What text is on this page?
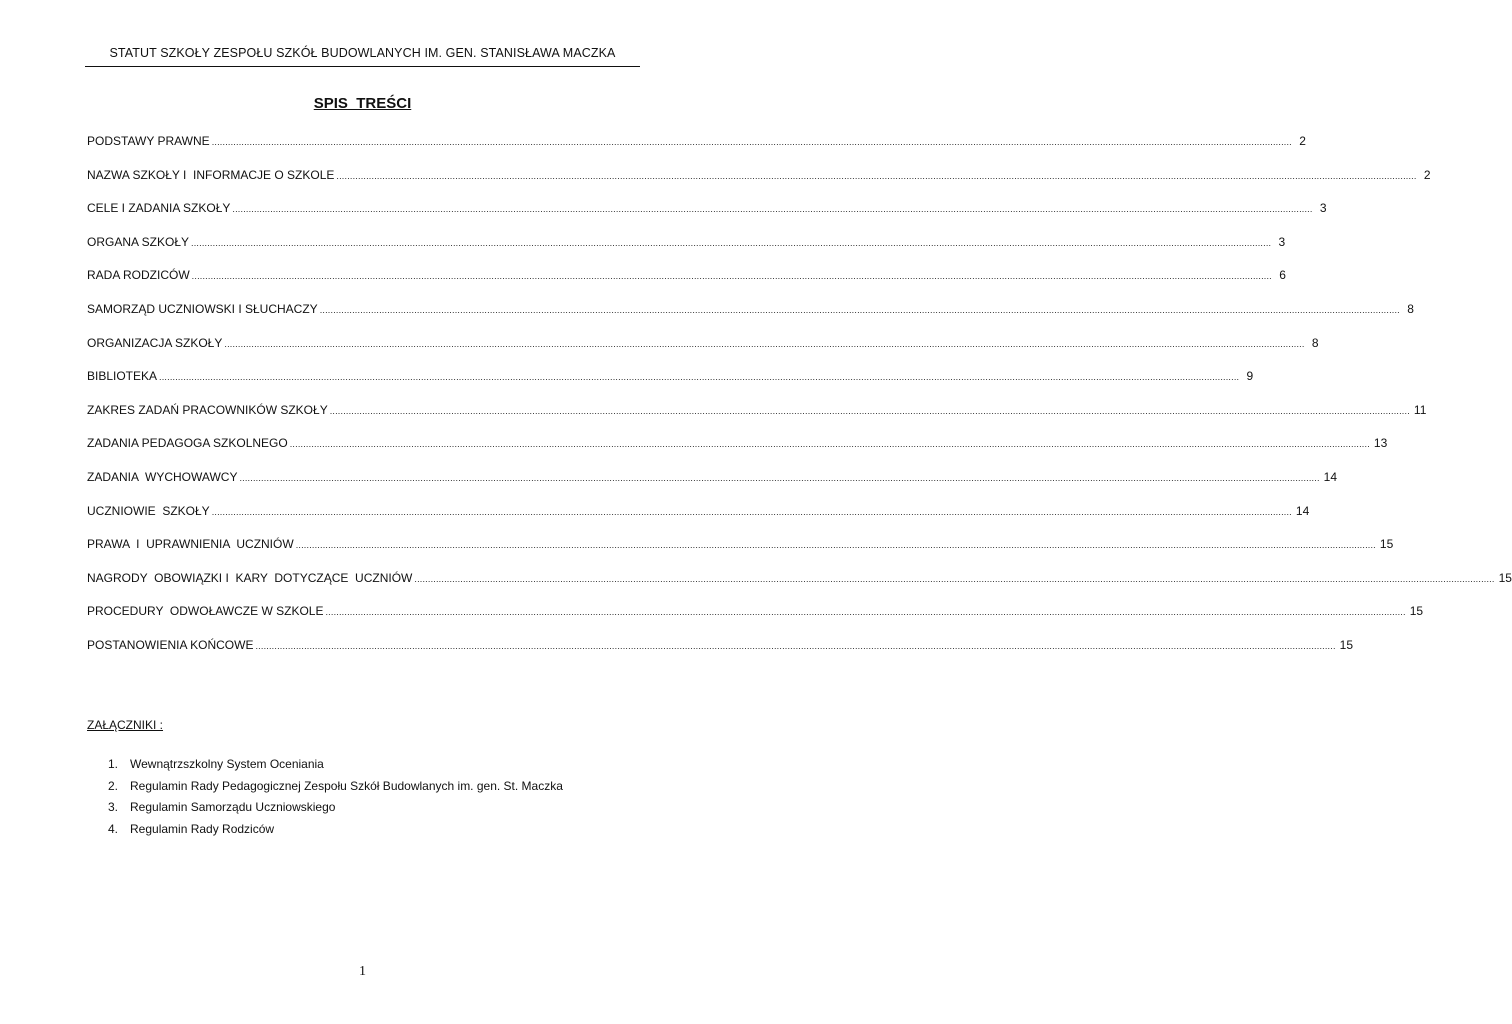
STATUT SZKOŁY ZESPOŁU SZKÓŁ BUDOWLANYCH IM. GEN. STANISŁAWA MACZKA
SPIS  TREŚCI
PODSTAWY PRAWNE ................................................................................................................................................................................................................................................................................................................................................................................................................ 2
NAZWA SZKOŁY I  INFORMACJE O SZKOLE ................................................................................................................................................................................................................................................................................................................................................................................................................ 2
CELE I ZADANIA SZKOŁY ................................................................................................................................................................................................................................................................................................................................................................................................................ 3
ORGANA SZKOŁY ................................................................................................................................................................................................................................................................................................................................................................................................................ 3
RADA RODZICÓW ................................................................................................................................................................................................................................................................................................................................................................................................................ 6
SAMORZĄD UCZNIOWSKI I SŁUCHACZY ................................................................................................................................................................................................................................................................................................................................................................................................................ 8
ORGANIZACJA SZKOŁY ................................................................................................................................................................................................................................................................................................................................................................................................................ 8
BIBLIOTEKA ................................................................................................................................................................................................................................................................................................................................................................................................................ 9
ZAKRES ZADAŃ PRACOWNIKÓW SZKOŁY ................................................................................................................................................................................................................................................................................................................................................................................................................ 11
ZADANIA PEDAGOGA SZKOLNEGO ................................................................................................................................................................................................................................................................................................................................................................................................................ 13
ZADANIA  WYCHOWAWCY ................................................................................................................................................................................................................................................................................................................................................................................................................ 14
UCZNIOWIE  SZKOŁY ................................................................................................................................................................................................................................................................................................................................................................................................................ 14
PRAWA  I  UPRAWNIENIA  UCZNIÓW ................................................................................................................................................................................................................................................................................................................................................................................................................ 15
NAGRODY  OBOWIĄZKI I  KARY  DOTYCZĄCE  UCZNIÓW ................................................................................................................................................................................................................................................................................................................................................................................................................ 15
PROCEDURY  ODWOŁAWCZE W SZKOLE ................................................................................................................................................................................................................................................................................................................................................................................................................ 15
POSTANOWIENIA KOŃCOWE ................................................................................................................................................................................................................................................................................................................................................................................................................ 15
ZAŁĄCZNIKI :
1. Wewnątrzszkolny System Oceniania
2. Regulamin Rady Pedagogicznej Zespołu Szkół Budowlanych im. gen. St. Maczka
3. Regulamin Samorządu Uczniowskiego
4. Regulamin Rady Rodziców
1
